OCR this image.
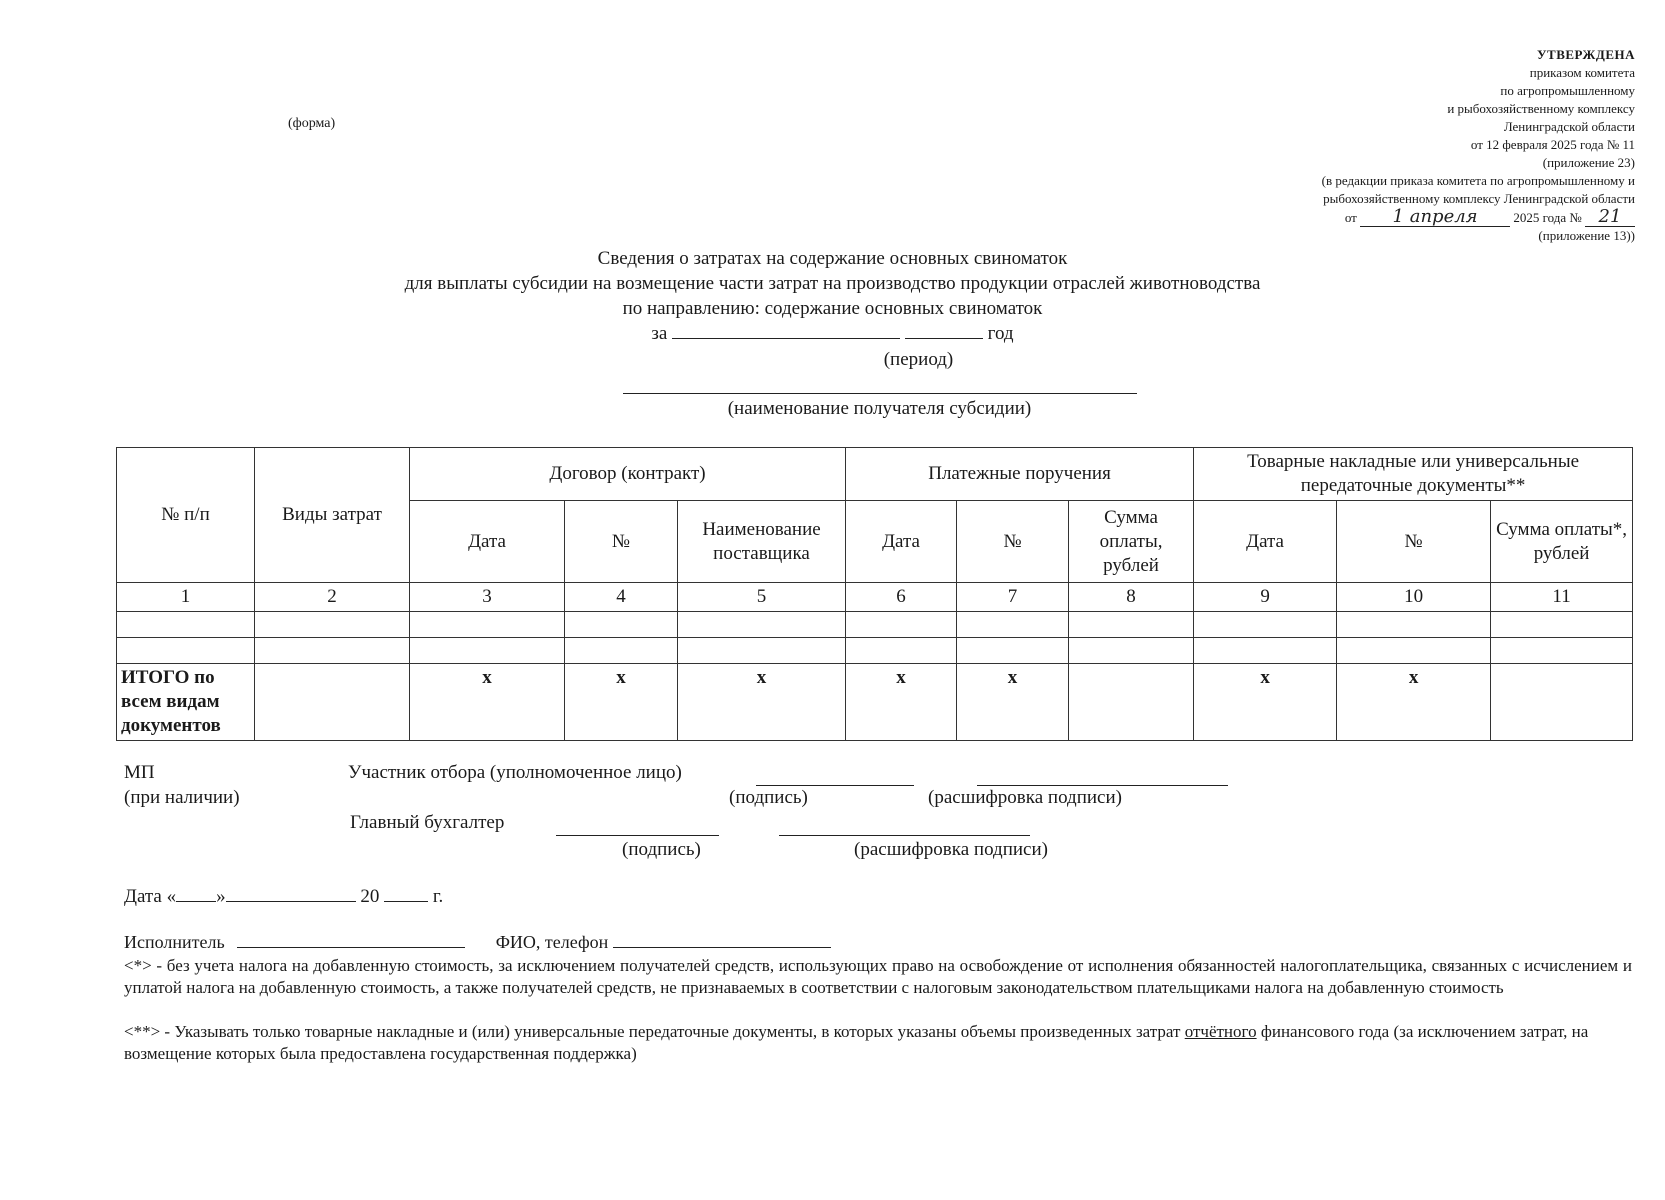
(форма)
УТВЕРЖДЕНА
приказом комитета
по агропромышленному
и рыбохозяйственному комплексу
Ленинградской области
от 12 февраля 2025 года № 11
(приложение 23)
(в редакции приказа комитета по агропромышленному и
рыбохозяйственному комплексу Ленинградской области
от 1 апреля	2025 года № 21
(приложение 13))
Сведения о затратах на содержание основных свиноматок
для выплаты субсидии на возмещение части затрат на производство продукции отраслей животноводства
по направлению: содержание основных свиноматок
за	год
(период)
(наименование получателя субсидии)
№ п/п	Виды затрат	Договор (контракт)			Платежные поручения			Товарные накладные или универсальные передаточные документы**		
		Дата	№	Наименование поставщика	Дата	№	Сумма оплаты, рублей	Дата	№	Сумма оплаты*, рублей
1	2	3	4	5	6	7	8	9	10	11

ИТОГО по всем видам документов		х	х	х	х	х		х	х	
МП
(при наличии)
Участник отбора (уполномоченное лицо)
(подпись)	(расшифровка подписи)
Главный бухгалтер
(подпись)	(расшифровка подписи)
Дата « »	20	г.
Исполнитель	ФИО, телефон
<*> - без учета налога на добавленную стоимость, за исключением получателей средств, использующих право на освобождение от исполнения обязанностей налогоплательщика, связанных с исчислением и уплатой налога на добавленную стоимость, а также получателей средств, не признаваемых в соответствии с налоговым законодательством плательщиками налога на добавленную стоимость
<**> - Указывать только товарные накладные и (или) универсальные передаточные документы, в которых указаны объемы произведенных затрат отчётного финансового года (за исключением затрат, на возмещение которых была предоставлена государственная поддержка)
